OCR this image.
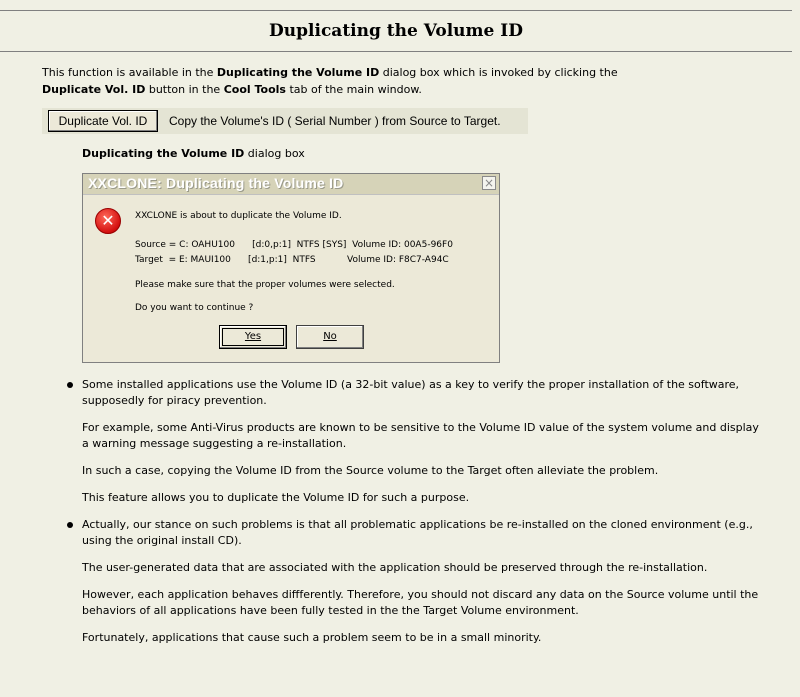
Duplicating the Volume ID
This function is available in the Duplicating the Volume ID dialog box which is invoked by clicking the
Duplicate Vol. ID button in the Cool Tools tab of the main window.
Duplicate Vol. ID	Copy the Volume's ID ( Serial Number ) from Source to Target.
Duplicating the Volume ID dialog box
XXCLONE: Duplicating the Volume ID	×
✕	XXCLONE is about to duplicate the Volume ID.
Source = C: OAHU100      [d:0,p:1]  NTFS [SYS]  Volume ID: 00A5-96F0
Target  = E: MAUI100      [d:1,p:1]  NTFS           Volume ID: F8C7-A94C
Please make sure that the proper volumes were selected.
Do you want to continue ?
Yes	No

Some installed applications use the Volume ID (a 32-bit value) as a key to verify the proper installation of the software, supposedly for piracy prevention.

For example, some Anti-Virus products are known to be sensitive to the Volume ID value of the system volume and display a warning message suggesting a re-installation.

In such a case, copying the Volume ID from the Source volume to the Target often alleviate the problem.

This feature allows you to duplicate the Volume ID for such a purpose.

Actually, our stance on such problems is that all problematic applications be re-installed on the cloned environment (e.g., using the original install CD).

The user-generated data that are associated with the application should be preserved through the re-installation.

However, each application behaves diffferently. Therefore, you should not discard any data on the Source volume until the behaviors of all applications have been fully tested in the the Target Volume environment.

Fortunately, applications that cause such a problem seem to be in a small minority.
